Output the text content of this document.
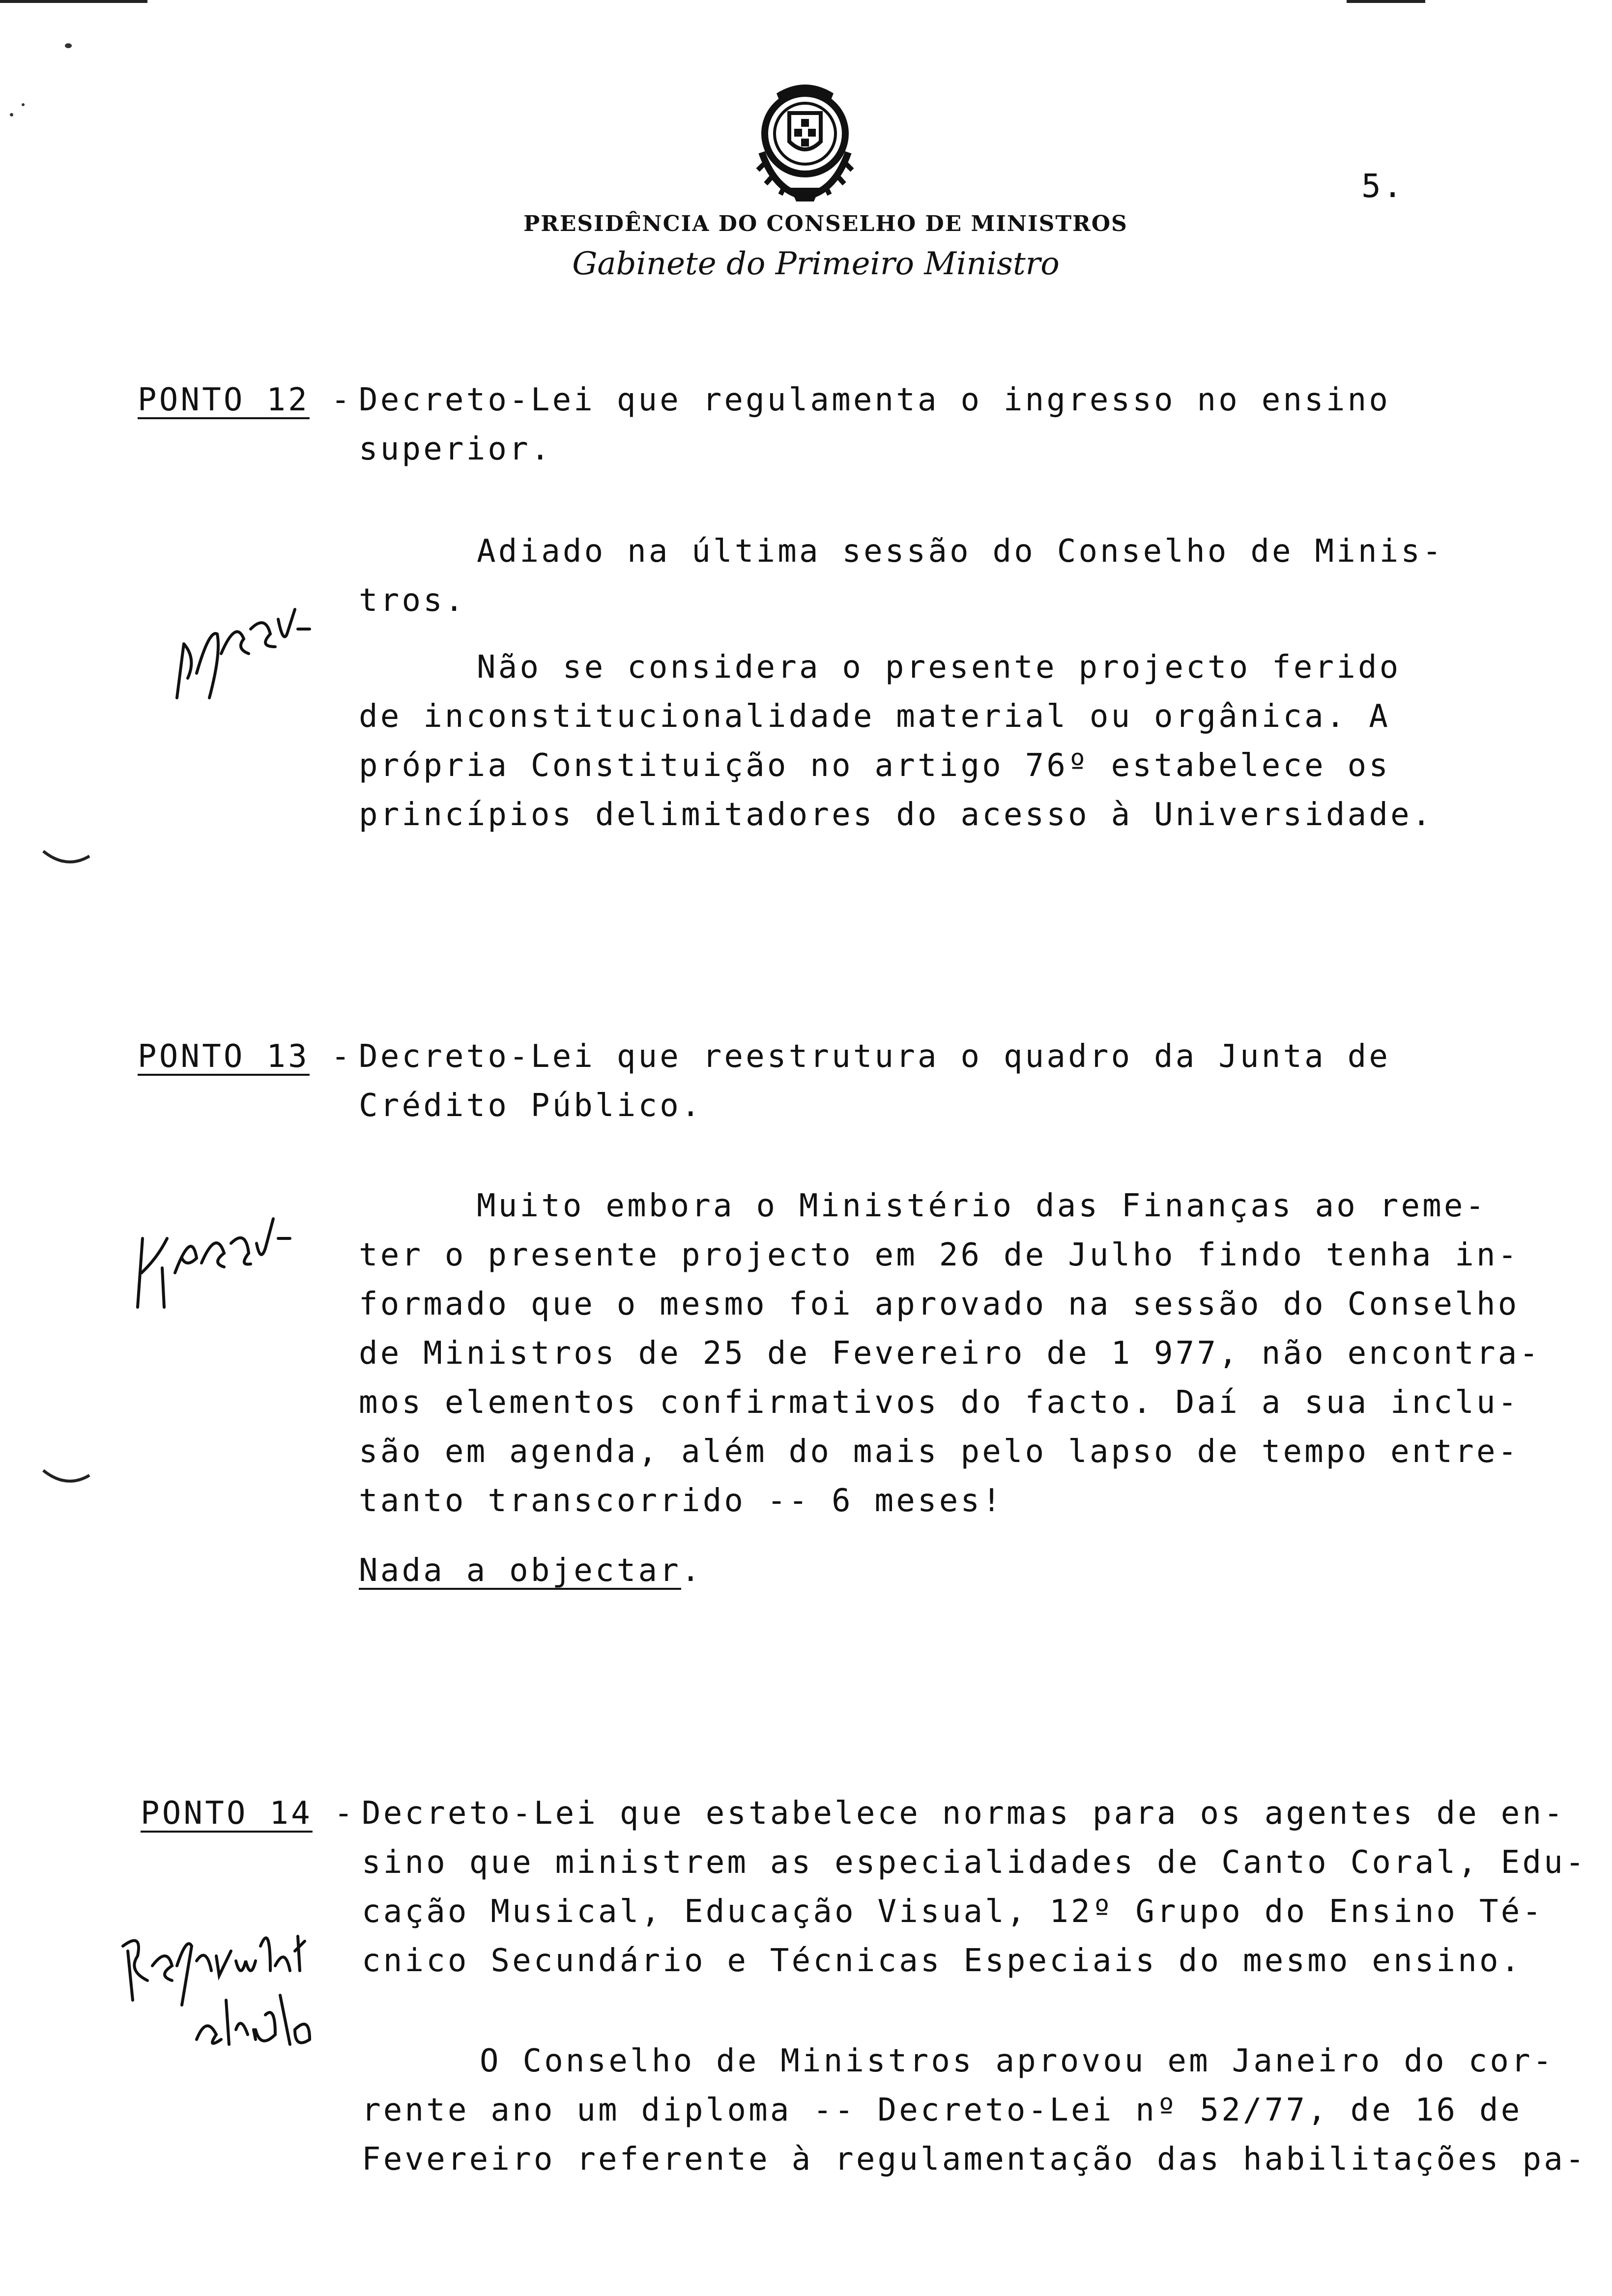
5.
PRESIDÊNCIA DO CONSELHO DE MINISTROS
Gabinete do Primeiro Ministro
PONTO 12 -
Decreto-Lei que regulamenta o ingresso no ensino
superior.
Adiado na última sessão do Conselho de Minis-
tros.
Não se considera o presente projecto ferido
de inconstitucionalidade material ou orgânica. A
própria Constituição no artigo 76º estabelece os
princípios delimitadores do acesso à Universidade.
PONTO 13 -
Decreto-Lei que reestrutura o quadro da Junta de
Crédito Público.
Muito embora o Ministério das Finanças ao reme-
ter o presente projecto em 26 de Julho findo tenha in-
formado que o mesmo foi aprovado na sessão do Conselho
de Ministros de 25 de Fevereiro de 1 977, não encontra-
mos elementos confirmativos do facto. Daí a sua inclu-
são em agenda, além do mais pelo lapso de tempo entre-
tanto transcorrido -- 6 meses!
Nada a objectar.
PONTO 14 -
Decreto-Lei que estabelece normas para os agentes de en-
sino que ministrem as especialidades de Canto Coral, Edu-
cação Musical, Educação Visual, 12º Grupo do Ensino Té-
cnico Secundário e Técnicas Especiais do mesmo ensino.
O Conselho de Ministros aprovou em Janeiro do cor-
rente ano um diploma -- Decreto-Lei nº 52/77, de 16 de
Fevereiro referente à regulamentação das habilitações pa-
